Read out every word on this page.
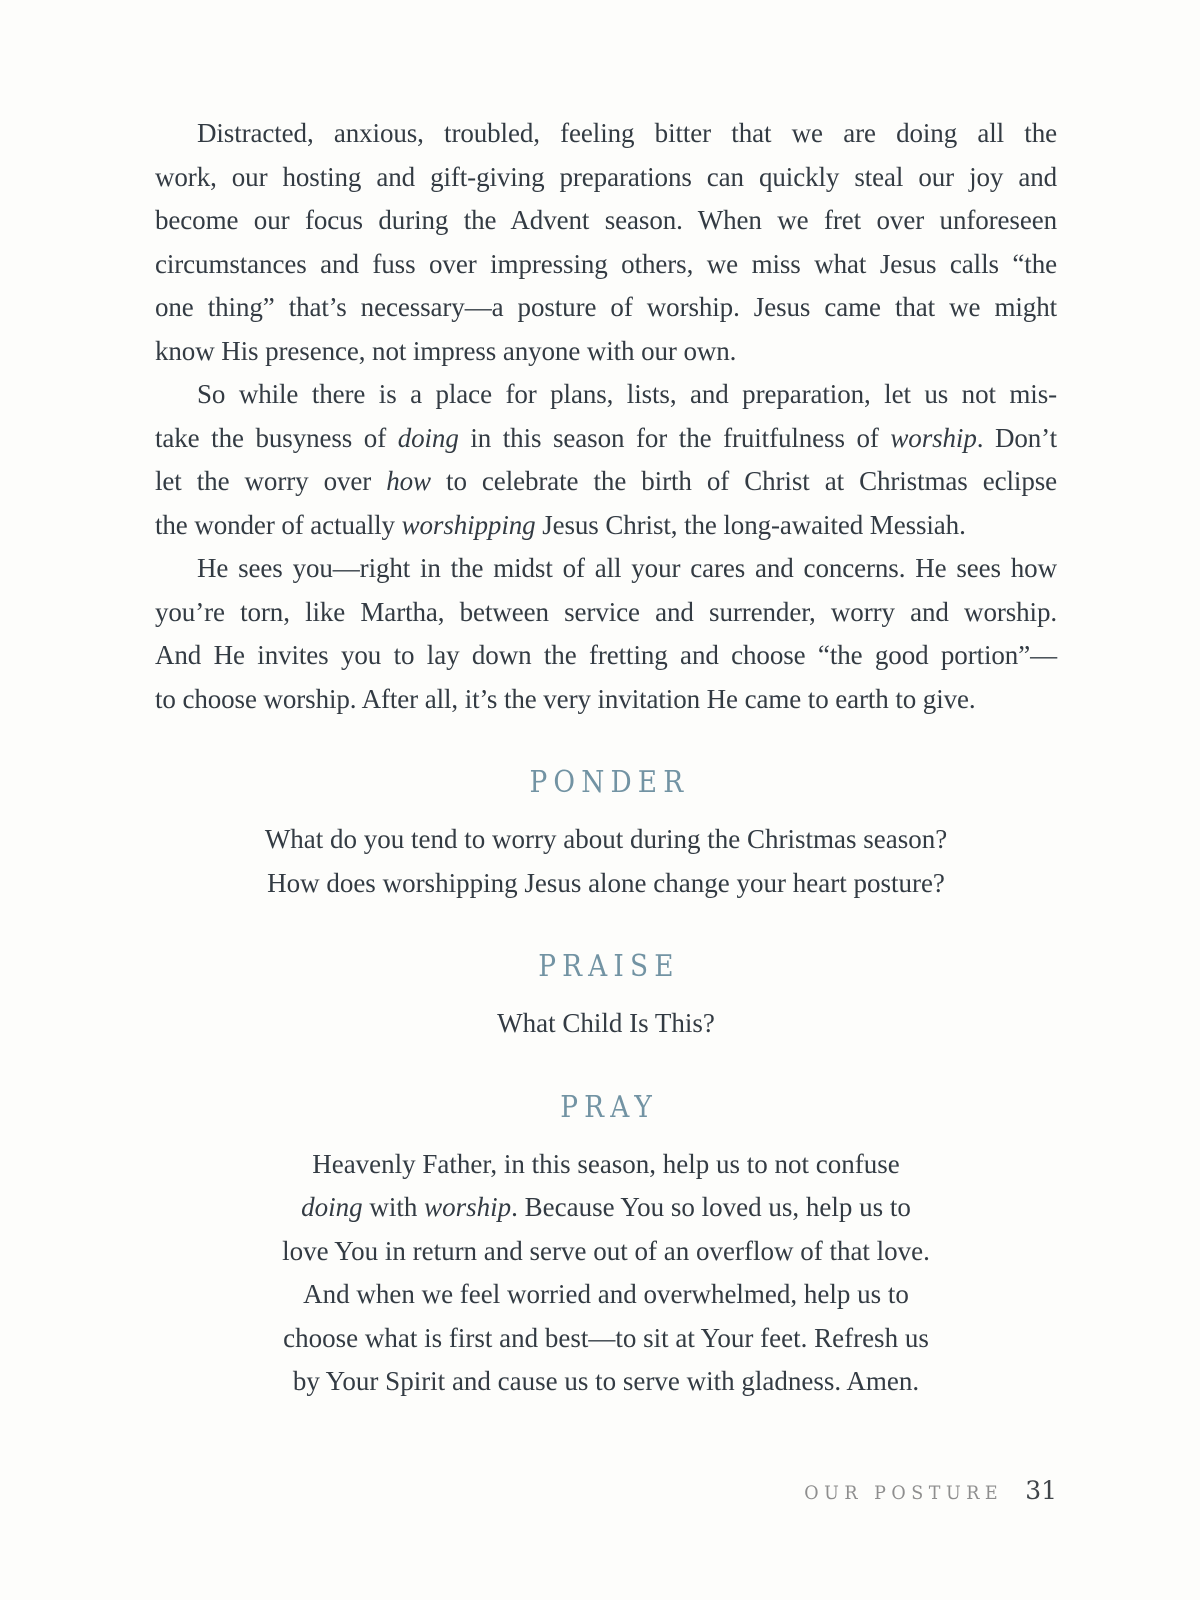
Distracted, anxious, troubled, feeling bitter that we are doing all the
work, our hosting and gift-giving preparations can quickly steal our joy and
become our focus during the Advent season. When we fret over unforeseen
circumstances and fuss over impressing others, we miss what Jesus calls “the
one thing” that’s necessary—a posture of worship. Jesus came that we might
know His presence, not impress anyone with our own.
So while there is a place for plans, lists, and preparation, let us not mis-
take the busyness of doing in this season for the fruitfulness of worship. Don’t
let the worry over how to celebrate the birth of Christ at Christmas eclipse
the wonder of actually worshipping Jesus Christ, the long-awaited Messiah.
He sees you—right in the midst of all your cares and concerns. He sees how
you’re torn, like Martha, between service and surrender, worry and worship.
And He invites you to lay down the fretting and choose “the good portion”—
to choose worship. After all, it’s the very invitation He came to earth to give.
PONDER
What do you tend to worry about during the Christmas season?
How does worshipping Jesus alone change your heart posture?
PRAISE
What Child Is This?
PRAY
Heavenly Father, in this season, help us to not confuse
doing with worship. Because You so loved us, help us to
love You in return and serve out of an overflow of that love.
And when we feel worried and overwhelmed, help us to
choose what is first and best—to sit at Your feet. Refresh us
by Your Spirit and cause us to serve with gladness. Amen.
OUR POSTURE 31
